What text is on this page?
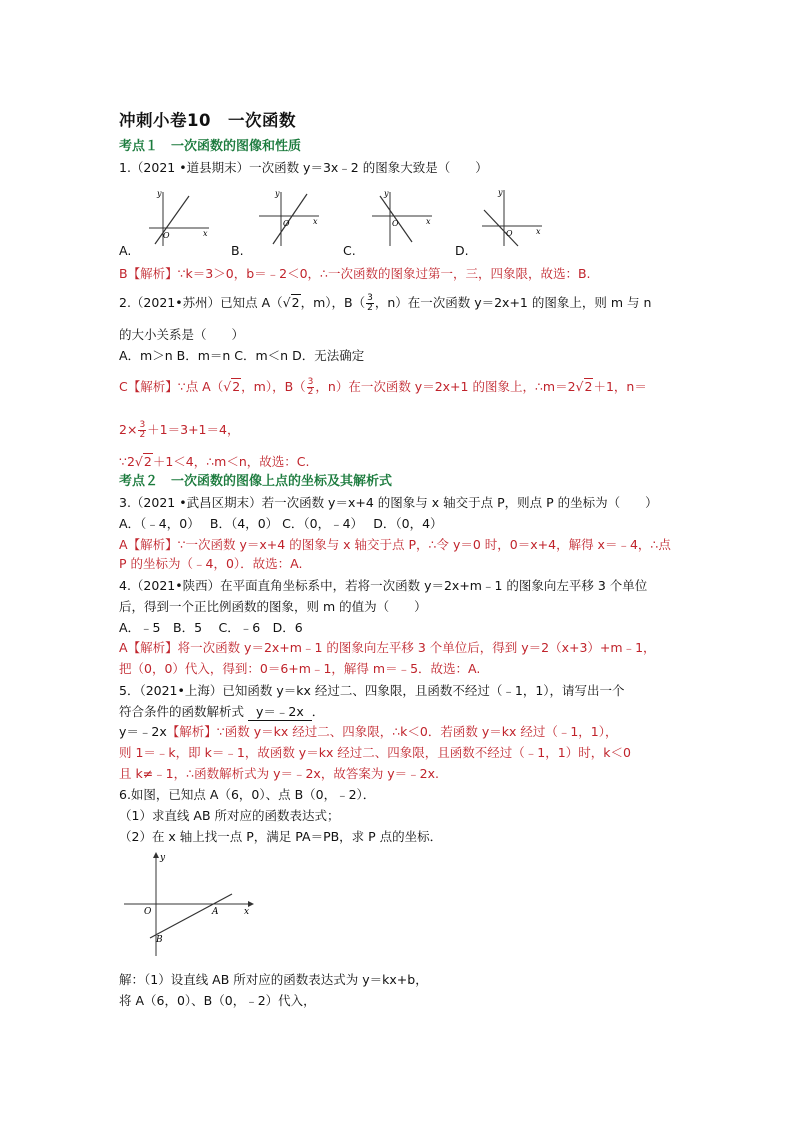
冲刺小卷10　一次函数
考点１　一次函数的图像和性质
1.（2021 •道县期末）一次函数 y＝3x﹣2 的图象大致是（　　）
y
x
O
y
x
O
y
x
O
y
x
O
A.	B.	C.	D.
B【解析】∵k＝3＞0，b＝﹣2＜0，∴一次函数的图象过第一，三，四象限，故选：B.
2.（2021•苏州）已知点 A（√2，m），$B( \frac{3}{2}$ ，n）在一次函数 y＝2x+1 的图象上，则 m 与 n
的大小关系是（　　）
A．m＞n B．m＝n C．m＜n D．无法确定
C【解析】∵点 A（√2，m），$B( \frac{3}{2}$ ，n）在一次函数 y＝2x+1 的图象上，∴m＝2√2＋1，n＝
$2\times \frac{3}{2} +1=3+1=4$，
∵2√2＋1＜4，∴m＜n，故选：C.
考点２　一次函数的图像上点的坐标及其解析式
3.（2021 •武昌区期末）若一次函数 y＝x+4 的图象与 x 轴交于点 P，则点 P 的坐标为（　　）
A．（﹣4，0）　 B．（4，0） C．（0，﹣4）　 D．（0，4）
A【解析】∵一次函数 y＝x+4 的图象与 x 轴交于点 P，∴令 y＝0 时，0＝x+4，解得 x＝﹣4，∴点
P 的坐标为（﹣4，0）．故选：A.
4.（2021•陕西）在平面直角坐标系中，若将一次函数 y＝2x+m﹣1 的图象向左平移 3 个单位
后，得到一个正比例函数的图象，则 m 的值为（　　）
A．﹣5　B．5　 C．﹣6　D．6
A【解析】将一次函数 y＝2x+m﹣1 的图象向左平移 3 个单位后，得到 y＝2（x+3）+m﹣1，
把（0，0）代入，得到：0＝6+m﹣1，解得 m＝﹣5．故选：A.
5．（2021•上海）已知函数 y＝kx 经过二、四象限，且函数不经过（﹣1，1），请写出一个
符合条件的函数解析式 y＝﹣2x ．
y＝﹣2x【解析】∵函数 y＝kx 经过二、四象限，∴k＜0．若函数 y＝kx 经过（﹣1，1），
则 1＝﹣k，即 k＝﹣1，故函数 y＝kx 经过二、四象限，且函数不经过（﹣1，1）时，k＜0
且 k≠﹣1，∴函数解析式为 y＝﹣2x，故答案为 y＝﹣2x.
6.如图，已知点 A（6，0）、点 B（0，﹣2）．
（1）求直线 AB 所对应的函数表达式；
（2）在 x 轴上找一点 P，满足 PA＝PB，求 P 点的坐标．
y
x
O	A
B
解：（1）设直线 AB 所对应的函数表达式为 y＝kx+b，
将 A（6，0）、B（0，﹣2）代入，
